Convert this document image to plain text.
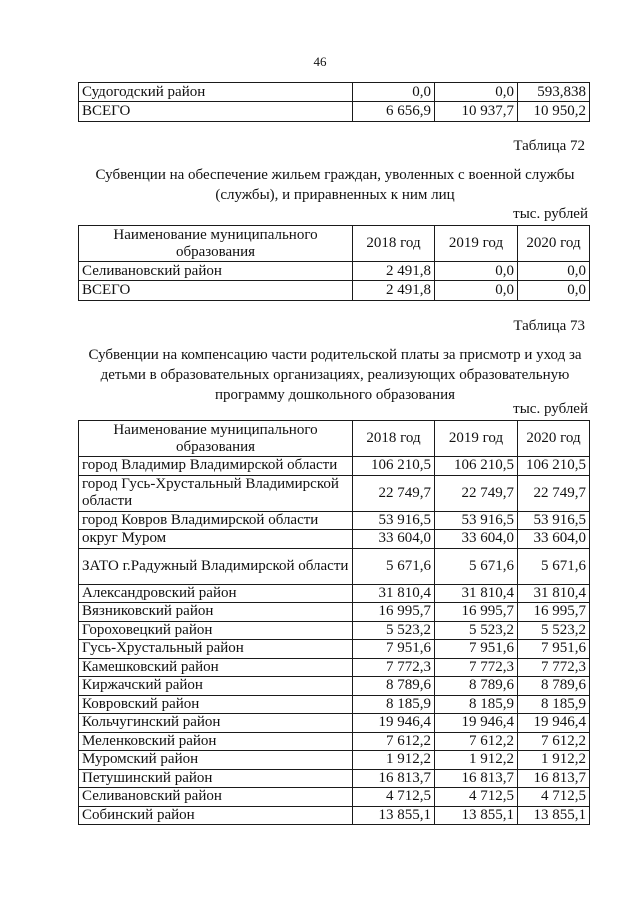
46
Судогодский район	0,0	0,0	593,838
ВСЕГО	6 656,9	10 937,7	10 950,2
Таблица 72
Субвенции на обеспечение жильем граждан, уволенных с военной службы (службы), и приравненных к ним лиц
тыс. рублей
Наименование муниципального образования	2018 год	2019 год	2020 год
Селивановский район	2 491,8	0,0	0,0
ВСЕГО	2 491,8	0,0	0,0
Таблица 73
Субвенции на компенсацию части родительской платы за присмотр и уход за детьми в образовательных организациях, реализующих образовательную программу дошкольного образования
тыс. рублей
Наименование муниципального образования	2018 год	2019 год	2020 год
город Владимир Владимирской области	106 210,5	106 210,5	106 210,5
город Гусь-Хрустальный Владимирской области	22 749,7	22 749,7	22 749,7
город Ковров Владимирской области	53 916,5	53 916,5	53 916,5
округ Муром	33 604,0	33 604,0	33 604,0
ЗАТО г.Радужный Владимирской области	5 671,6	5 671,6	5 671,6
Александровский район	31 810,4	31 810,4	31 810,4
Вязниковский район	16 995,7	16 995,7	16 995,7
Гороховецкий район	5 523,2	5 523,2	5 523,2
Гусь-Хрустальный район	7 951,6	7 951,6	7 951,6
Камешковский район	7 772,3	7 772,3	7 772,3
Киржачский район	8 789,6	8 789,6	8 789,6
Ковровский район	8 185,9	8 185,9	8 185,9
Кольчугинский район	19 946,4	19 946,4	19 946,4
Меленковский район	7 612,2	7 612,2	7 612,2
Муромский район	1 912,2	1 912,2	1 912,2
Петушинский район	16 813,7	16 813,7	16 813,7
Селивановский район	4 712,5	4 712,5	4 712,5
Собинский район	13 855,1	13 855,1	13 855,1
